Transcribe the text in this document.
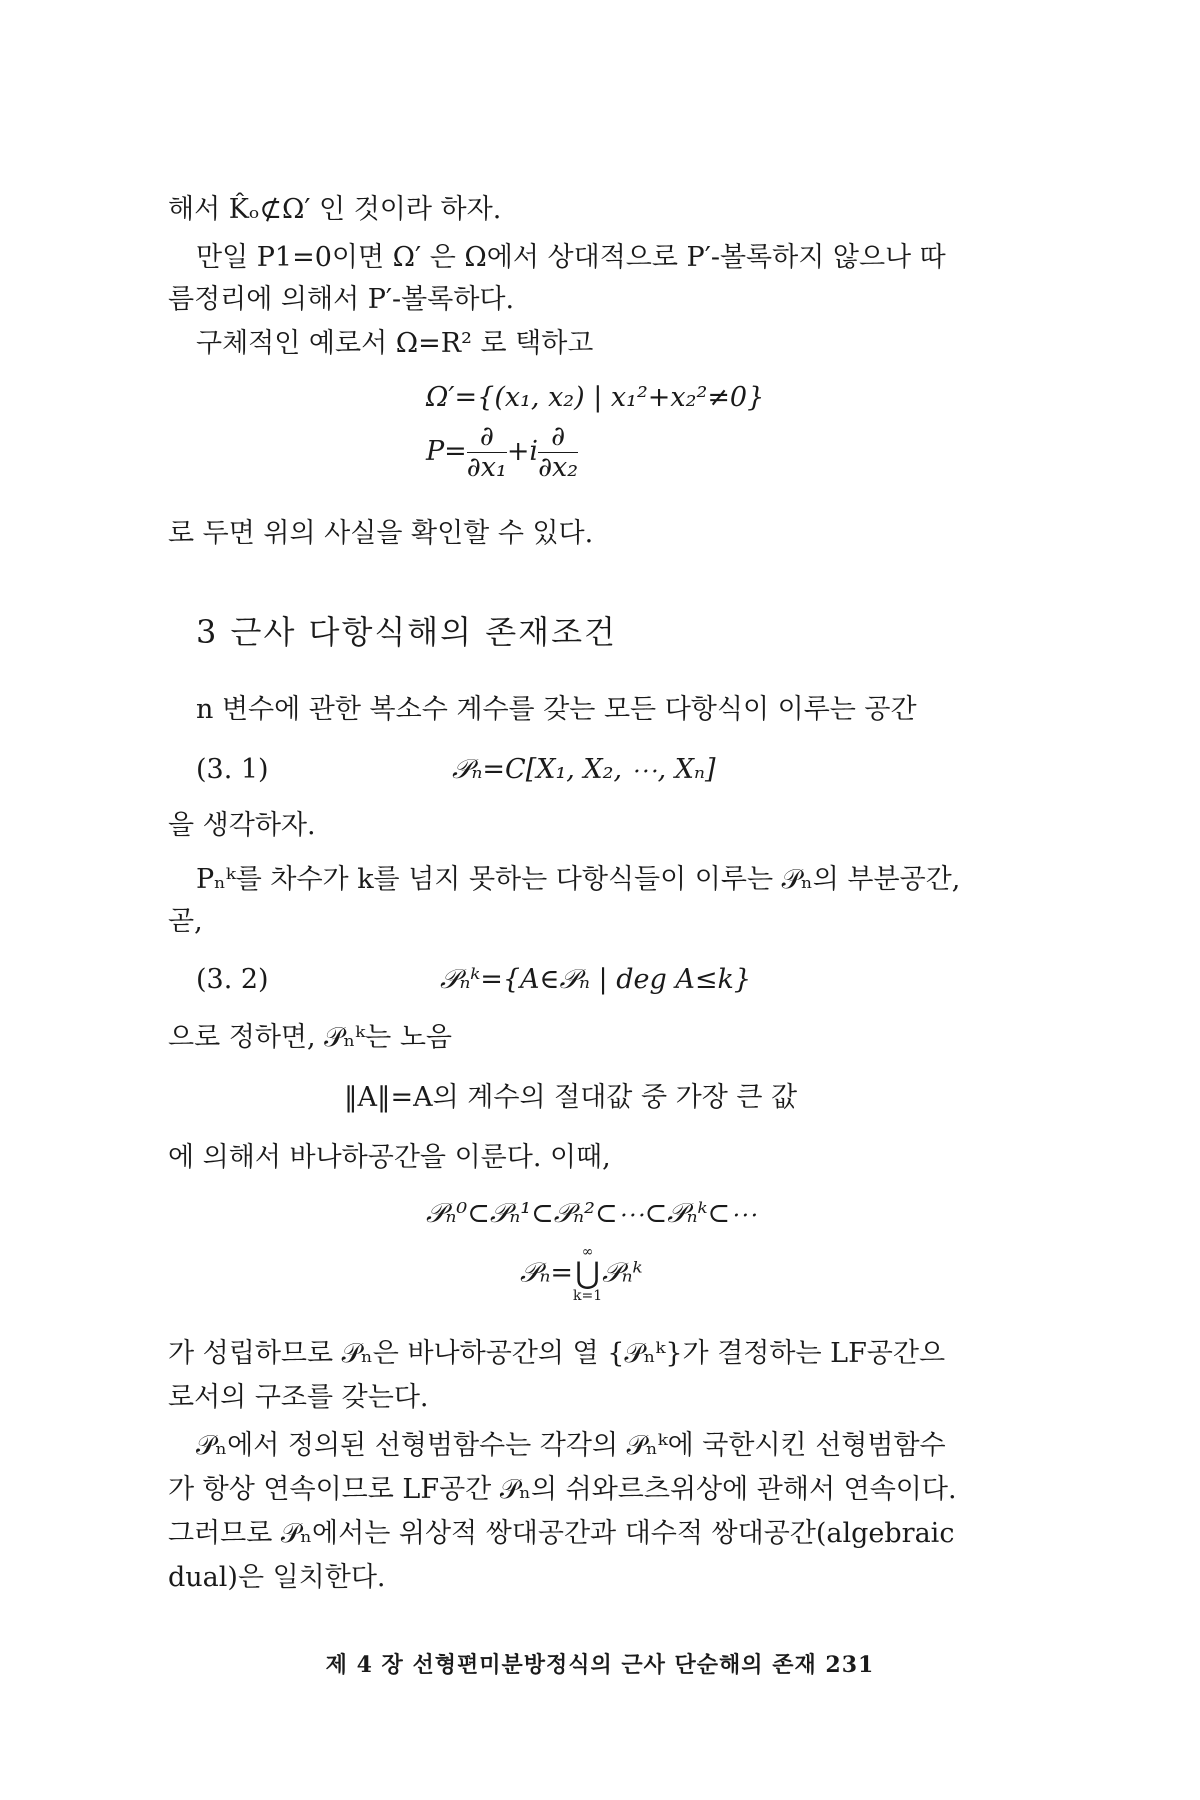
해서 K̂ₒ⊄Ω′ 인 것이라 하자.
만일 P1=0이면 Ω′ 은 Ω에서 상대적으로 P′-볼록하지 않으나 따
름정리에 의해서 P′-볼록하다.
구체적인 예로서 Ω=R² 로 택하고
Ω′={(x₁, x₂) | x₁²+x₂²≠0}
$P= \frac{\partial}{\text{∂x₁}} +i \frac{\partial}{\text{∂x₂}}$
로 두면 위의 사실을 확인할 수 있다.
3 근사 다항식해의 존재조건
n 변수에 관한 복소수 계수를 갖는 모든 다항식이 이루는 공간
(3. 1)	𝒫ₙ=C[X₁, X₂, ⋯, Xₙ]
을 생각하자.
Pₙᵏ를 차수가 k를 넘지 못하는 다항식들이 이루는 𝒫ₙ의 부분공간,
곧,
(3. 2)	𝒫ₙᵏ={A∈𝒫ₙ | deg A≤k}
으로 정하면, 𝒫ₙᵏ는 노음
‖A‖=A의 계수의 절대값 중 가장 큰 값
에 의해서 바나하공간을 이룬다. 이때,
𝒫ₙ⁰⊂𝒫ₙ¹⊂𝒫ₙ²⊂⋯⊂𝒫ₙᵏ⊂⋯
𝒫ₙ=
∞
⋃
k=1
𝒫ₙᵏ
가 성립하므로 𝒫ₙ은 바나하공간의 열 {𝒫ₙᵏ}가 결정하는 LF공간으
로서의 구조를 갖는다.
𝒫ₙ에서 정의된 선형범함수는 각각의 𝒫ₙᵏ에 국한시킨 선형범함수
가 항상 연속이므로 LF공간 𝒫ₙ의 쉬와르츠위상에 관해서 연속이다.
그러므로 𝒫ₙ에서는 위상적 쌍대공간과 대수적 쌍대공간(algebraic
dual)은 일치한다.
제 4 장 선형편미분방정식의 근사 단순해의 존재 231
